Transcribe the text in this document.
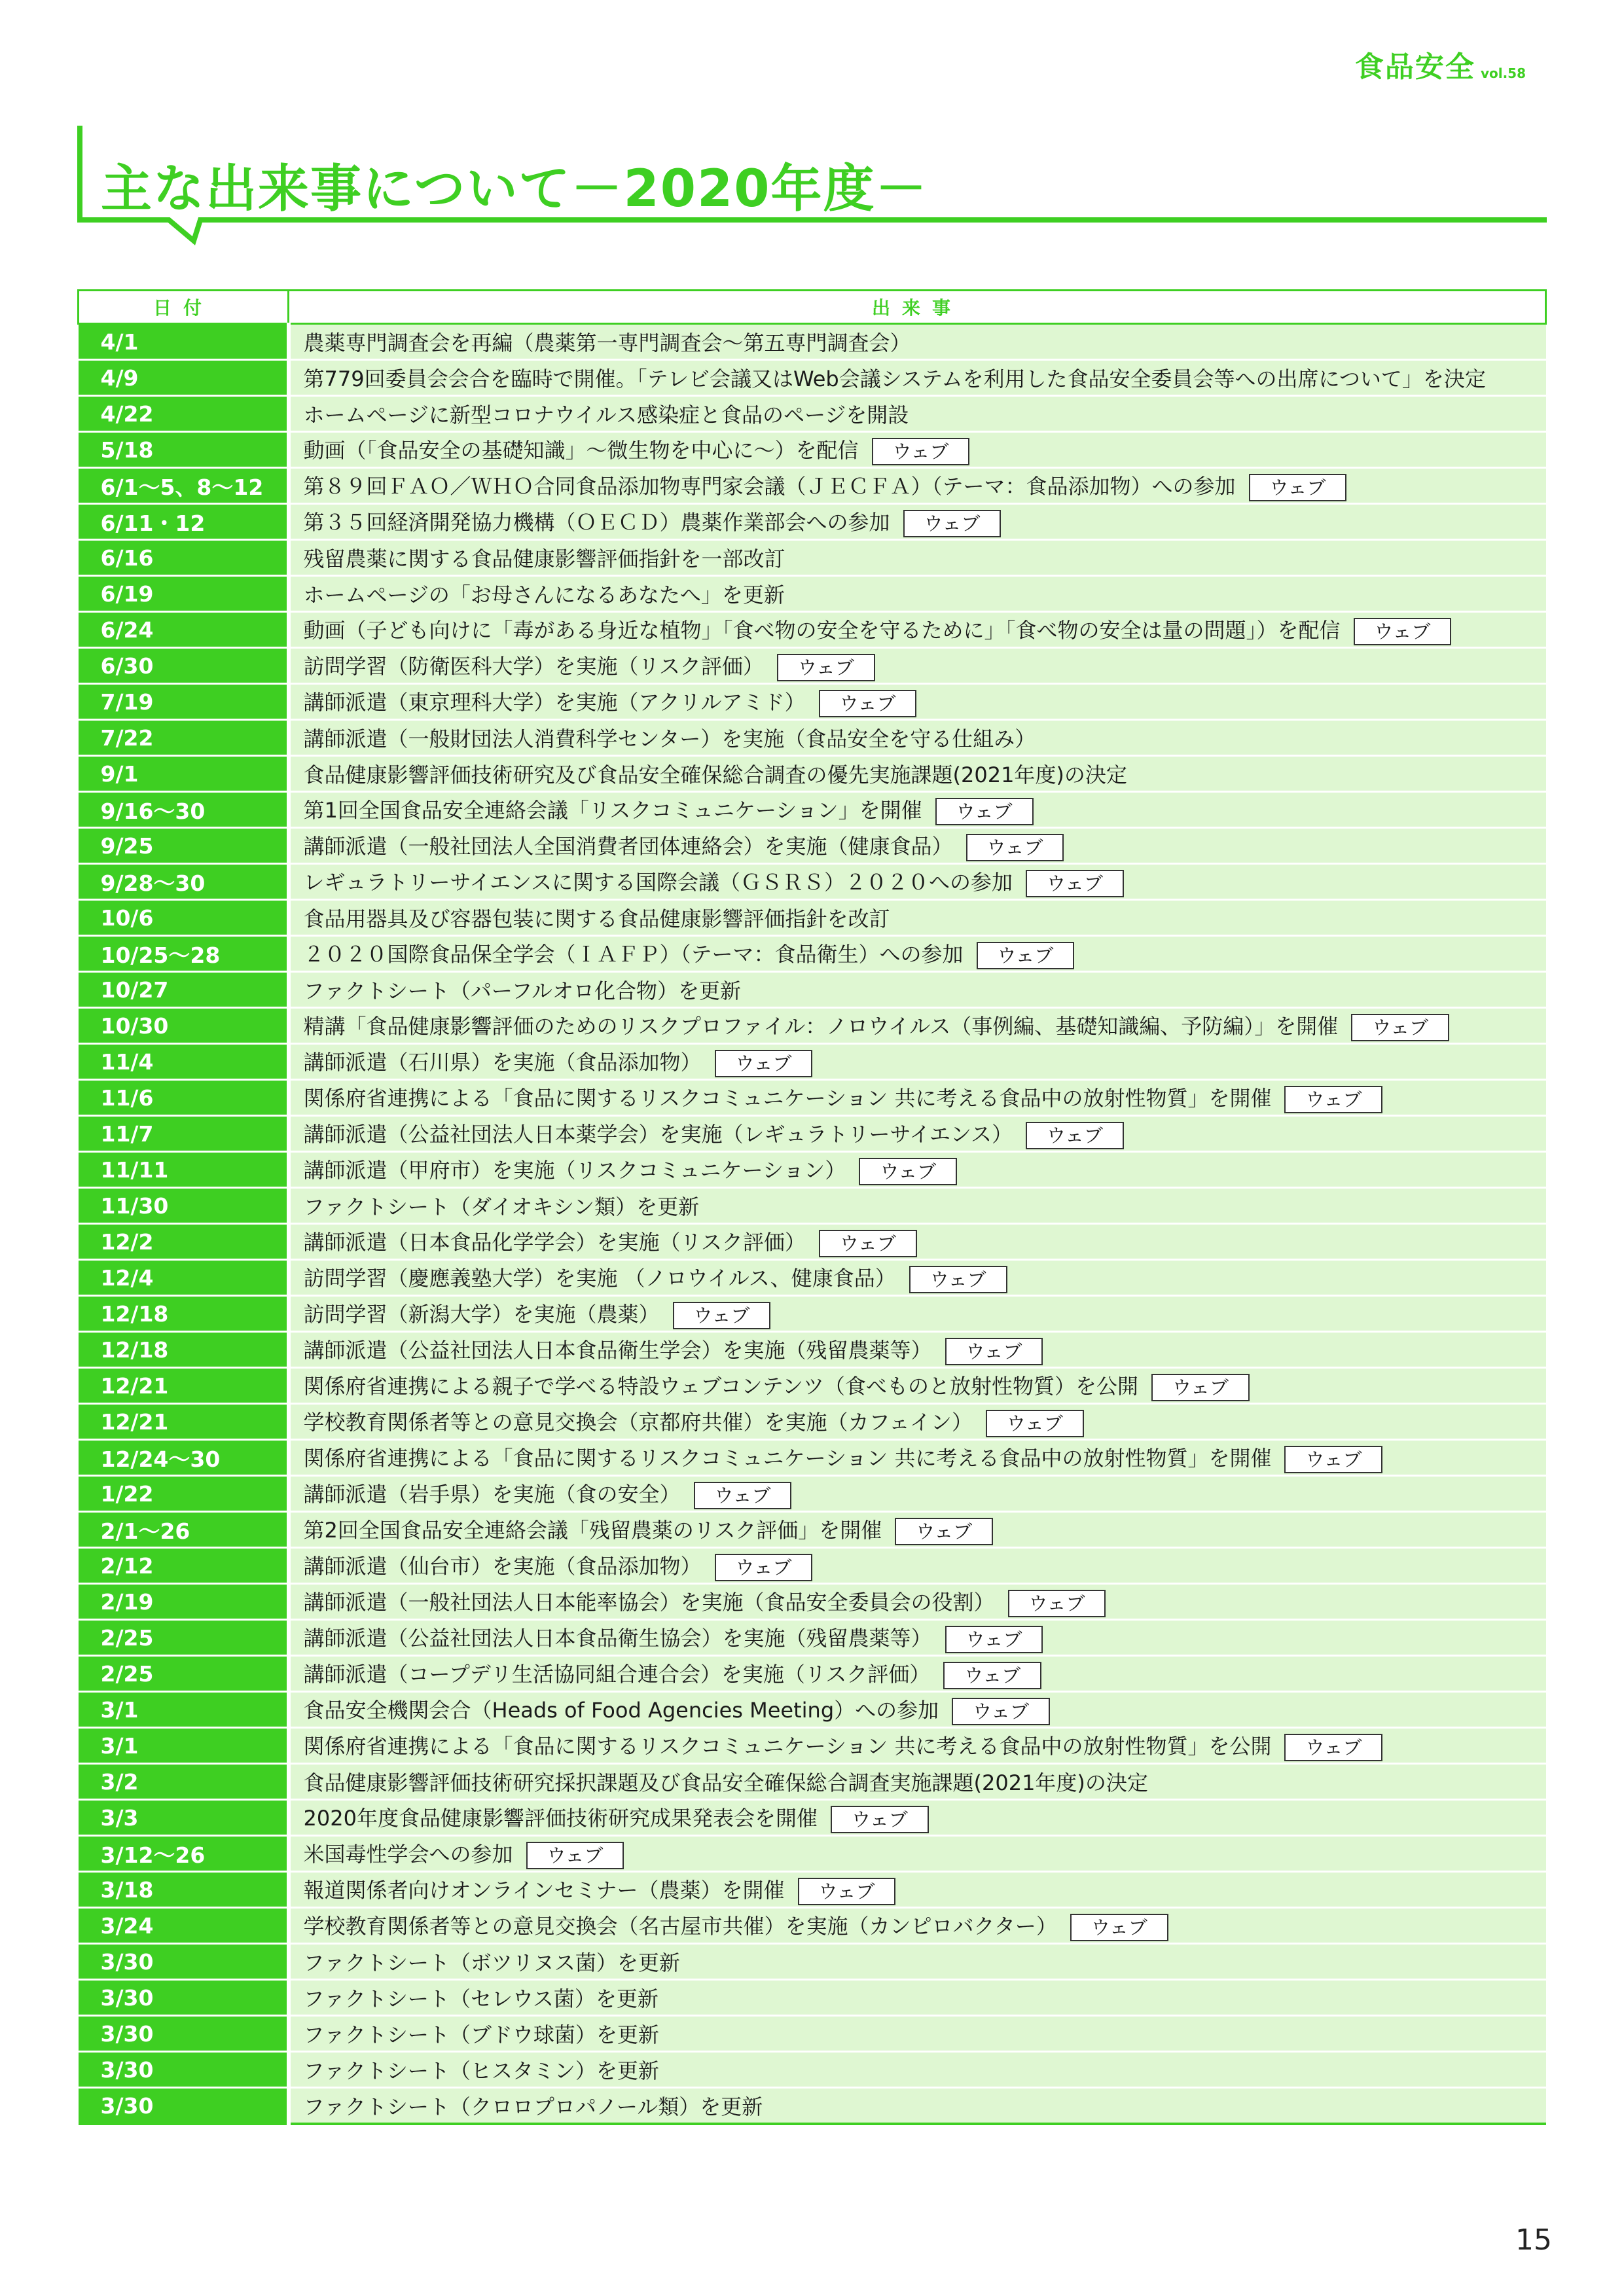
食品安全 vol.58
主な出来事について－2020年度－
日付	出来事
4/1	農薬専門調査会を再編（農薬第一専門調査会～第五専門調査会）
4/9	第779回委員会会合を臨時で開催。「テレビ会議又はWeb会議システムを利用した食品安全委員会等への出席について」を決定
4/22	ホームページに新型コロナウイルス感染症と食品のページを開設
5/18	動画（「食品安全の基礎知識」～微生物を中心に～）を配信 ウェブ
6/1～5、8～12	第８９回ＦＡＯ／ＷＨＯ合同食品添加物専門家会議（ＪＥＣＦＡ）（テーマ：食品添加物）への参加 ウェブ
6/11・12	第３５回経済開発協力機構（ＯＥＣＤ）農薬作業部会への参加 ウェブ
6/16	残留農薬に関する食品健康影響評価指針を一部改訂
6/19	ホームページの「お母さんになるあなたへ」を更新
6/24	動画（子ども向けに「毒がある身近な植物」「食べ物の安全を守るために」「食べ物の安全は量の問題」）を配信 ウェブ
6/30	訪問学習（防衛医科大学）を実施（リスク評価） ウェブ
7/19	講師派遣（東京理科大学）を実施（アクリルアミド） ウェブ
7/22	講師派遣（一般財団法人消費科学センター）を実施（食品安全を守る仕組み）
9/1	食品健康影響評価技術研究及び食品安全確保総合調査の優先実施課題(2021年度)の決定
9/16～30	第1回全国食品安全連絡会議「リスクコミュニケーション」を開催 ウェブ
9/25	講師派遣（一般社団法人全国消費者団体連絡会）を実施（健康食品） ウェブ
9/28～30	レギュラトリーサイエンスに関する国際会議（ＧＳＲＳ）２０２０への参加 ウェブ
10/6	食品用器具及び容器包装に関する食品健康影響評価指針を改訂
10/25～28	２０２０国際食品保全学会（ＩＡＦＰ）（テーマ：食品衛生）への参加 ウェブ
10/27	ファクトシート（パーフルオロ化合物）を更新
10/30	精講「食品健康影響評価のためのリスクプロファイル：ノロウイルス（事例編、基礎知識編、予防編）」を開催 ウェブ
11/4	講師派遣（石川県）を実施（食品添加物） ウェブ
11/6	関係府省連携による「食品に関するリスクコミュニケーション 共に考える食品中の放射性物質」を開催 ウェブ
11/7	講師派遣（公益社団法人日本薬学会）を実施（レギュラトリーサイエンス） ウェブ
11/11	講師派遣（甲府市）を実施（リスクコミュニケーション） ウェブ
11/30	ファクトシート（ダイオキシン類）を更新
12/2	講師派遣（日本食品化学学会）を実施（リスク評価） ウェブ
12/4	訪問学習（慶應義塾大学）を実施 （ノロウイルス、健康食品） ウェブ
12/18	訪問学習（新潟大学）を実施（農薬） ウェブ
12/18	講師派遣（公益社団法人日本食品衛生学会）を実施（残留農薬等） ウェブ
12/21	関係府省連携による親子で学べる特設ウェブコンテンツ（食べものと放射性物質）を公開 ウェブ
12/21	学校教育関係者等との意見交換会（京都府共催）を実施（カフェイン） ウェブ
12/24～30	関係府省連携による「食品に関するリスクコミュニケーション 共に考える食品中の放射性物質」を開催 ウェブ
1/22	講師派遣（岩手県）を実施（食の安全） ウェブ
2/1～26	第2回全国食品安全連絡会議「残留農薬のリスク評価」を開催 ウェブ
2/12	講師派遣（仙台市）を実施（食品添加物） ウェブ
2/19	講師派遣（一般社団法人日本能率協会）を実施（食品安全委員会の役割） ウェブ
2/25	講師派遣（公益社団法人日本食品衛生協会）を実施（残留農薬等） ウェブ
2/25	講師派遣（コープデリ生活協同組合連合会）を実施（リスク評価） ウェブ
3/1	食品安全機関会合（Heads of Food Agencies Meeting）への参加 ウェブ
3/1	関係府省連携による「食品に関するリスクコミュニケーション 共に考える食品中の放射性物質」を公開 ウェブ
3/2	食品健康影響評価技術研究採択課題及び食品安全確保総合調査実施課題(2021年度)の決定
3/3	2020年度食品健康影響評価技術研究成果発表会を開催 ウェブ
3/12～26	米国毒性学会への参加 ウェブ
3/18	報道関係者向けオンラインセミナー（農薬）を開催 ウェブ
3/24	学校教育関係者等との意見交換会（名古屋市共催）を実施（カンピロバクター） ウェブ
3/30	ファクトシート（ボツリヌス菌）を更新
3/30	ファクトシート（セレウス菌）を更新
3/30	ファクトシート（ブドウ球菌）を更新
3/30	ファクトシート（ヒスタミン）を更新
3/30	ファクトシート（クロロプロパノール類）を更新
15
